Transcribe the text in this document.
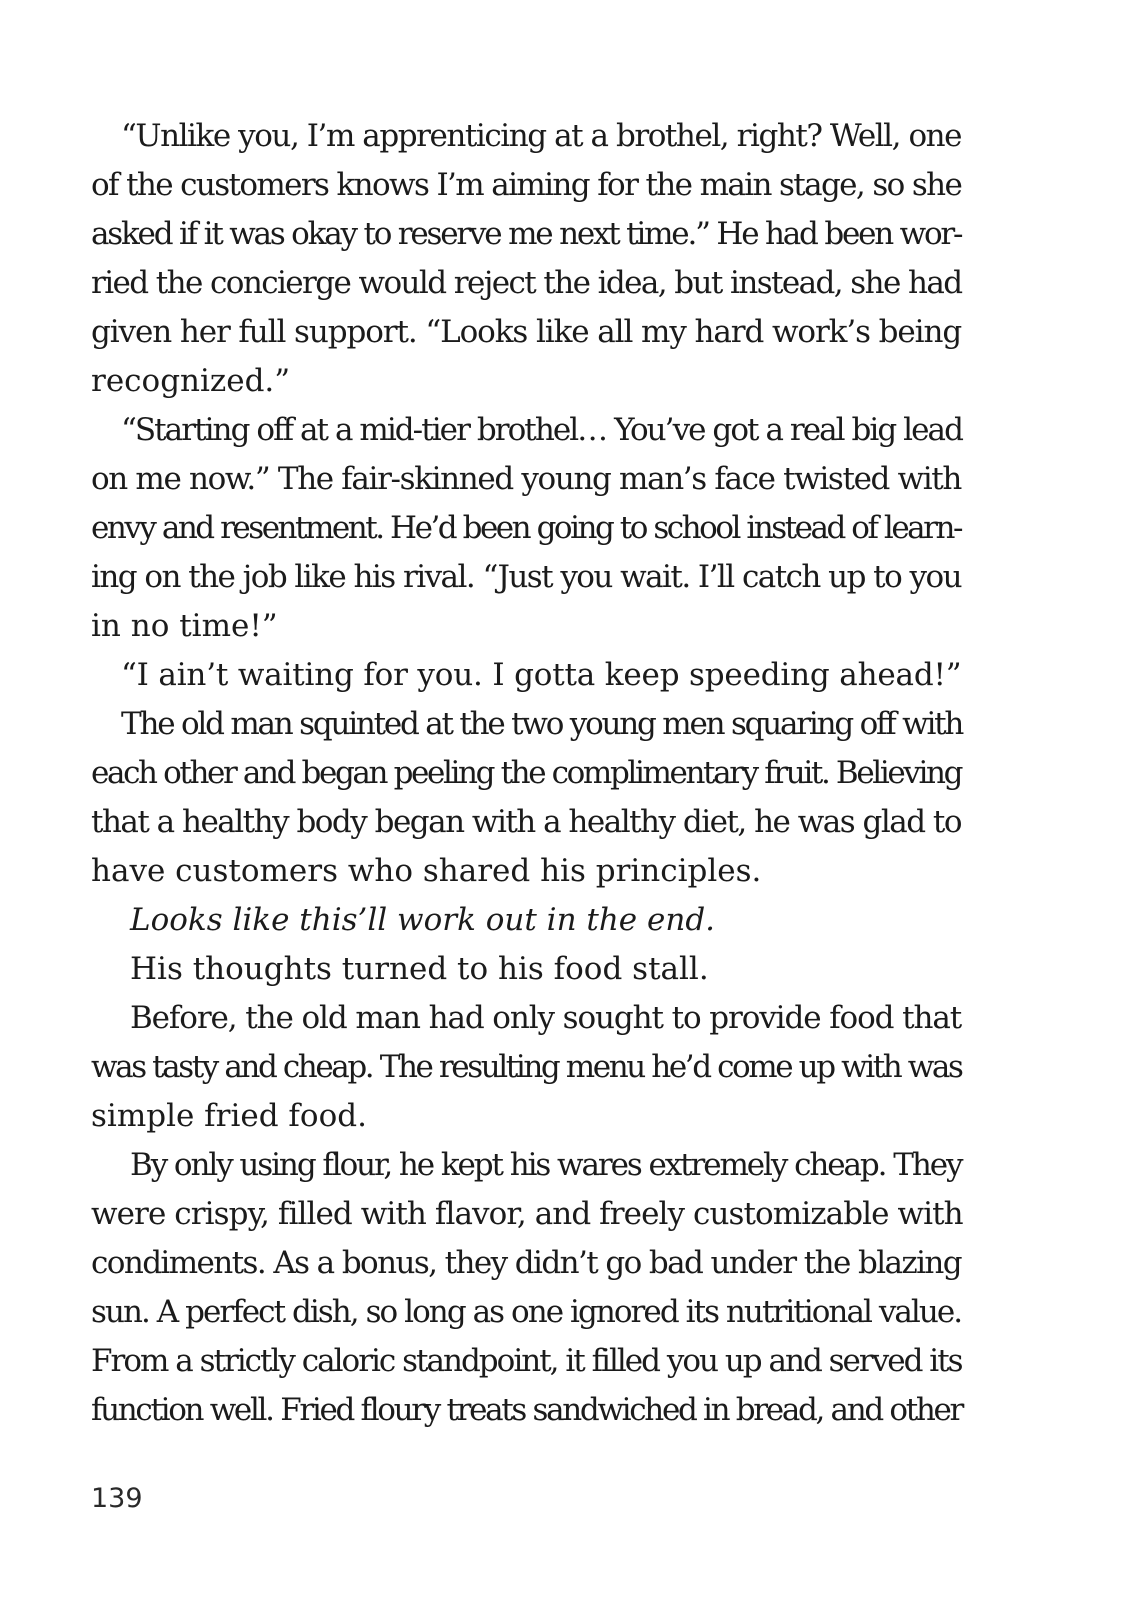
“Unlike you, I’m apprenticing at a brothel, right? Well, one
of the customers knows I’m aiming for the main stage, so she
asked if it was okay to reserve me next time.” He had been wor-
ried the concierge would reject the idea, but instead, she had
given her full support. “Looks like all my hard work’s being
recognized.”
“Starting off at a mid-tier brothel… You’ve got a real big lead
on me now.” The fair-skinned young man’s face twisted with
envy and resentment. He’d been going to school instead of learn-
ing on the job like his rival. “Just you wait. I’ll catch up to you
in no time!”
“I ain’t waiting for you. I gotta keep speeding ahead!”
The old man squinted at the two young men squaring off with
each other and began peeling the complimentary fruit. Believing
that a healthy body began with a healthy diet, he was glad to
have customers who shared his principles.
Looks like this’ll work out in the end.
His thoughts turned to his food stall.
Before, the old man had only sought to provide food that
was tasty and cheap. The resulting menu he’d come up with was
simple fried food.
By only using flour, he kept his wares extremely cheap. They
were crispy, filled with flavor, and freely customizable with
condiments. As a bonus, they didn’t go bad under the blazing
sun. A perfect dish, so long as one ignored its nutritional value.
From a strictly caloric standpoint, it filled you up and served its
function well. Fried floury treats sandwiched in bread, and other
139
